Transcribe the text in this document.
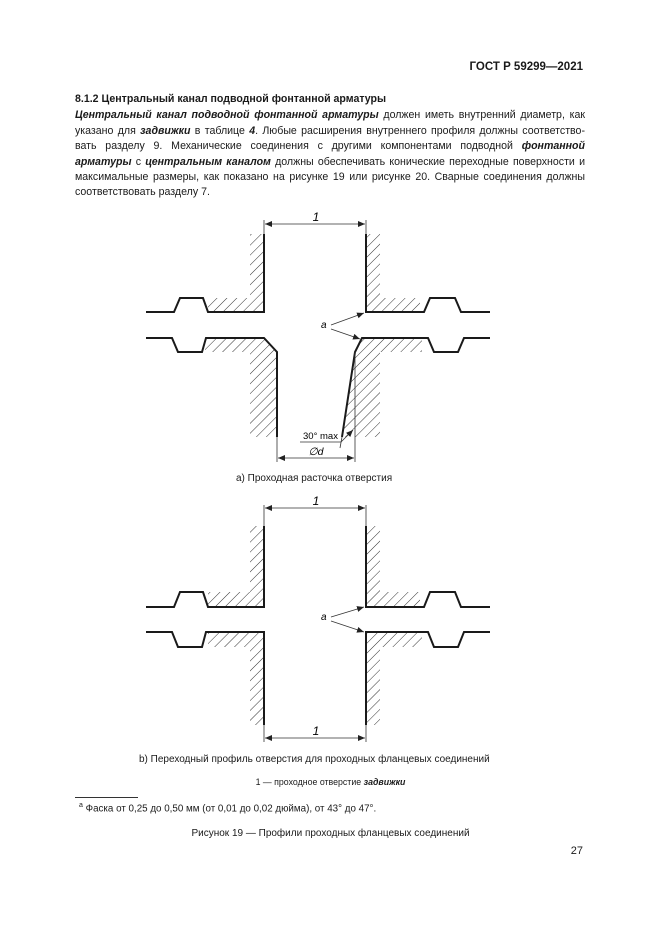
ГОСТ Р 59299—2021
8.1.2 Центральный канал подводной фонтанной арматуры

Центральный канал подводной фонтанной арматуры должен иметь внутренний диаметр, как указано для задвижки в таблице 4. Любые расширения внутреннего профиля должны соответствовать разделу 9. Механические соединения с другими компонентами подводной фонтанной арматуры с центральным каналом должны обеспечивать конические переходные поверхности и максимальные размеры, как показано на рисунке 19 или рисунке 20. Сварные соединения должны соответствовать разделу 7.

1
a
30° max
∅d
1
a
1
a) Проходная расточка отверстия
b) Переходный профиль отверстия для проходных фланцевых соединений
1 — проходное отверстие задвижки
$^a$ Фаска от 0,25 до 0,50 мм (от 0,01 до 0,02 дюйма), от 43° до 47°.
Рисунок 19 — Профили проходных фланцевых соединений
27
